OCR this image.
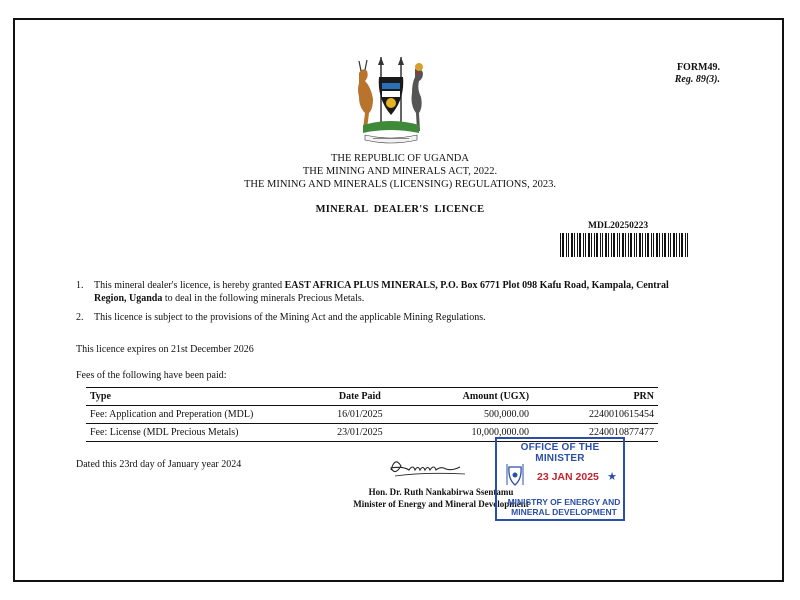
FORM49.
Reg. 89(3).
THE REPUBLIC OF UGANDA
THE MINING AND MINERALS ACT, 2022.
THE MINING AND MINERALS (LICENSING) REGULATIONS, 2023.
MINERAL  DEALER'S  LICENCE
MDL20250223
1.	This mineral dealer's licence, is hereby granted EAST AFRICA PLUS MINERALS, P.O. Box 6771 Plot 098 Kafu Road, Kampala, Central Region, Uganda to deal in the following minerals Precious Metals.
2.	This licence is subject to the provisions of the Mining Act and the applicable Mining Regulations.
This licence expires on 21st December 2026
Fees of the following have been paid:
Type	Date Paid	Amount (UGX)	PRN
Fee: Application and Preperation (MDL)	16/01/2025	500,000.00	2240010615454
Fee: License (MDL Precious Metals)	23/01/2025	10,000,000.00	2240010877477
Dated this 23rd day of January year 2024
Hon. Dr. Ruth Nankabirwa Ssentamu
Minister of Energy and Mineral Development
OFFICE OF THE MINISTER
23 JAN 2025 ★
MINISTRY OF ENERGY AND
MINERAL DEVELOPMENT
